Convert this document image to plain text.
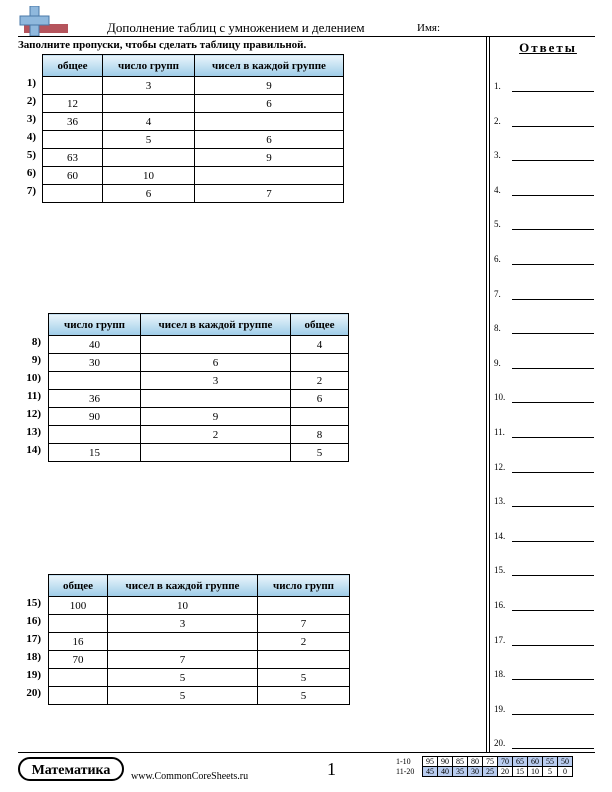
Дополнение таблиц с умножением и делением	Имя:
Заполните пропуски, чтобы сделать таблицу правильной.	Ответы
1.
2.
3.
4.
5.
6.
7.
8.
9.
10.
11.
12.
13.
14.
15.
16.
17.
18.
19.
20.
1)
2)
3)
4)
5)
6)
7)
общее	число групп	чисел в каждой группе
	3	9
12		6
36	4	
	5	6
63		9
60	10	
	6	7
8)
9)
10)
11)
12)
13)
14)
число групп	чисел в каждой группе	общее
40		4
30	6	
	3	2
36		6
90	9	
	2	8
15		5
15)
16)
17)
18)
19)
20)
общее	чисел в каждой группе	число групп
100	10	
	3	7
16		2
70	7	
	5	5
	5	5
Математика	www.CommonCoreSheets.ru	1	1-10	95	90	85	80	75	70	65	60	55	50
11-20	45	40	35	30	25	20	15	10	5	0
